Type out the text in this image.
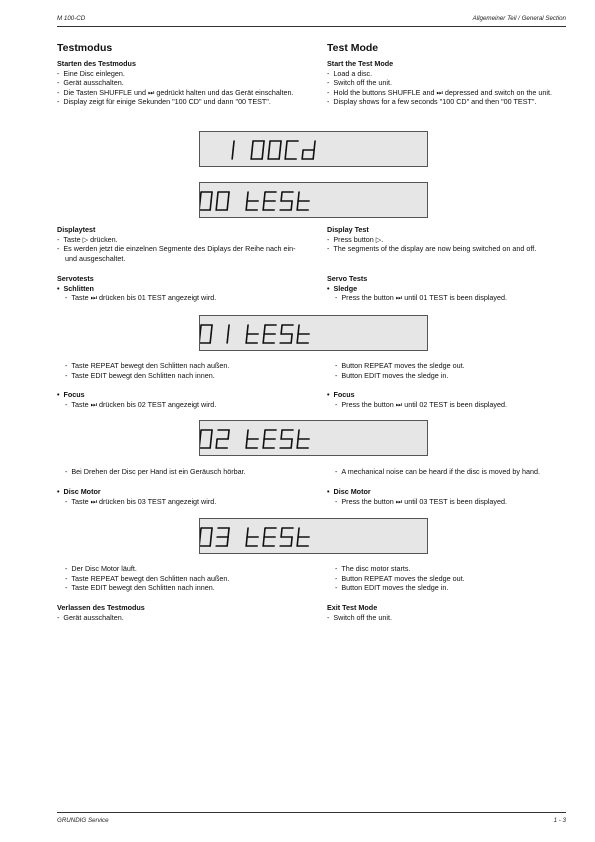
M 100-CD	Allgemeiner Teil / General Section
Testmodus
Starten des Testmodus
-  Eine Disc einlegen.
-  Gerät ausschalten.
-  Die Tasten SHUFFLE und ⏭ gedrückt halten und das Gerät einschalten.
-  Display zeigt für einige Sekunden "100 CD" und dann "00 TEST".
Test Mode
Start the Test Mode
-  Load a disc.
-  Switch off the unit.
-  Hold the buttons SHUFFLE and ⏭ depressed and switch on the unit.
-  Display shows for a few seconds "100 CD" and then "00 TEST".
Displaytest
-  Taste ▷ drücken.
-  Es werden jetzt die einzelnen Segmente des Diplays der Reihe nach ein- und ausgeschaltet.
Display Test
-  Press button ▷.
-  The segments of the display are now being switched on and off.
Servotests
•  Schlitten
-  Taste ⏭ drücken bis 01 TEST angezeigt wird.
Servo Tests
•  Sledge
-  Press the button ⏭ until 01 TEST is been displayed.
-  Taste REPEAT bewegt den Schlitten nach außen.
-  Taste EDIT bewegt den Schlitten nach innen.
-  Button REPEAT moves the sledge out.
-  Button EDIT moves the sledge in.
•  Focus
-  Taste ⏭ drücken bis 02 TEST angezeigt wird.
•  Focus
-  Press the button ⏭ until 02 TEST is been displayed.
-  Bei Drehen der Disc per Hand ist ein Geräusch hörbar.	-  A mechanical noise can be heard if the disc is moved by hand.
•  Disc Motor
-  Taste ⏭ drücken bis 03 TEST angezeigt wird.
•  Disc Motor
-  Press the button ⏭ until 03 TEST is been displayed.
-  Der Disc Motor läuft.
-  Taste REPEAT bewegt den Schlitten nach außen.
-  Taste EDIT bewegt den Schlitten nach innen.
-  The disc motor starts.
-  Button REPEAT moves the sledge out.
-  Button EDIT moves the sledge in.
Verlassen des Testmodus
-  Gerät ausschalten.
Exit Test Mode
-  Switch off the unit.
GRUNDIG Service	1 - 3
